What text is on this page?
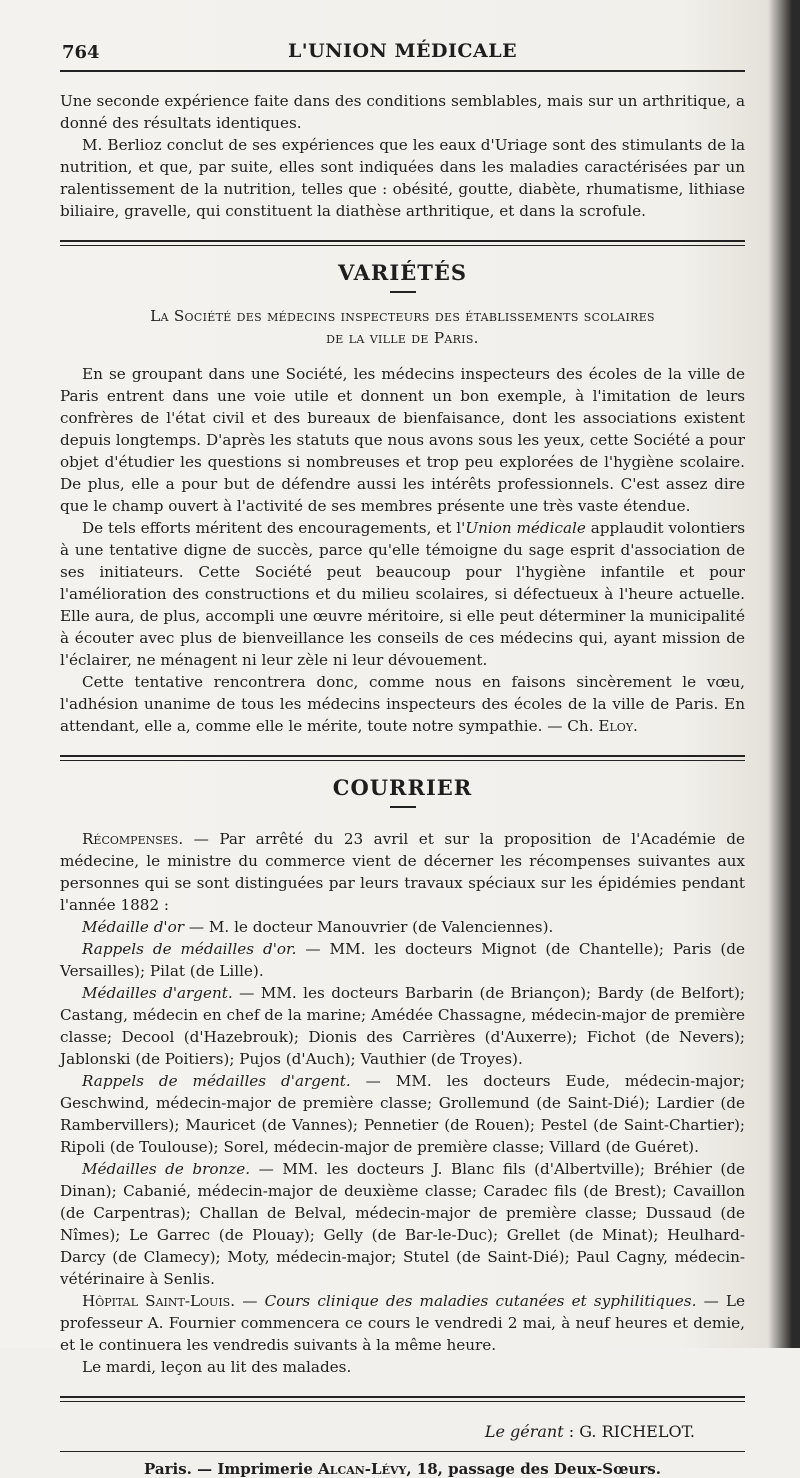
764	L'UNION MÉDICALE

Une seconde expérience faite dans des conditions semblables, mais sur un arthritique, a donné des résultats identiques.

M. Berlioz conclut de ses expériences que les eaux d'Uriage sont des stimulants de la nutrition, et que, par suite, elles sont indiquées dans les maladies caractérisées par un ralentissement de la nutrition, telles que : obésité, goutte, diabète, rhumatisme, lithiase biliaire, gravelle, qui constituent la diathèse arthritique, et dans la scrofule.

VARIÉTÉS
La Société des médecins inspecteurs des établissements scolaires
de la ville de Paris.

En se groupant dans une Société, les médecins inspecteurs des écoles de la ville de Paris entrent dans une voie utile et donnent un bon exemple, à l'imitation de leurs confrères de l'état civil et des bureaux de bienfaisance, dont les associations existent depuis longtemps. D'après les statuts que nous avons sous les yeux, cette Société a pour objet d'étudier les questions si nombreuses et trop peu explorées de l'hygiène scolaire. De plus, elle a pour but de défendre aussi les intérêts professionnels. C'est assez dire que le champ ouvert à l'activité de ses membres présente une très vaste étendue.

De tels efforts méritent des encouragements, et l'Union médicale applaudit volontiers à une tentative digne de succès, parce qu'elle témoigne du sage esprit d'association de ses initiateurs. Cette Société peut beaucoup pour l'hygiène infantile et pour l'amélioration des constructions et du milieu scolaires, si défectueux à l'heure actuelle. Elle aura, de plus, accompli une œuvre méritoire, si elle peut déterminer la municipalité à écouter avec plus de bienveillance les conseils de ces médecins qui, ayant mission de l'éclairer, ne ménagent ni leur zèle ni leur dévouement.

Cette tentative rencontrera donc, comme nous en faisons sincèrement le vœu, l'adhésion unanime de tous les médecins inspecteurs des écoles de la ville de Paris. En attendant, elle a, comme elle le mérite, toute notre sympathie. — Ch. Eloy.

COURRIER

Récompenses. — Par arrêté du 23 avril et sur la proposition de l'Académie de médecine, le ministre du commerce vient de décerner les récompenses suivantes aux personnes qui se sont distinguées par leurs travaux spéciaux sur les épidémies pendant l'année 1882 :

Médaille d'or — M. le docteur Manouvrier (de Valenciennes).

Rappels de médailles d'or. — MM. les docteurs Mignot (de Chantelle); Paris (de Versailles); Pilat (de Lille).

Médailles d'argent. — MM. les docteurs Barbarin (de Briançon); Bardy (de Belfort); Castang, médecin en chef de la marine; Amédée Chassagne, médecin-major de première classe; Decool (d'Hazebrouk); Dionis des Carrières (d'Auxerre); Fichot (de Nevers); Jablonski (de Poitiers); Pujos (d'Auch); Vauthier (de Troyes).

Rappels de médailles d'argent. — MM. les docteurs Eude, médecin-major; Geschwind, médecin-major de première classe; Grollemund (de Saint-Dié); Lardier (de Rambervillers); Mauricet (de Vannes); Pennetier (de Rouen); Pestel (de Saint-Chartier); Ripoli (de Toulouse); Sorel, médecin-major de première classe; Villard (de Guéret).

Médailles de bronze. — MM. les docteurs J. Blanc fils (d'Albertville); Bréhier (de Dinan); Cabanié, médecin-major de deuxième classe; Caradec fils (de Brest); Cavaillon (de Carpentras); Challan de Belval, médecin-major de première classe; Dussaud (de Nîmes); Le Garrec (de Plouay); Gelly (de Bar-le-Duc); Grellet (de Minat); Heulhard-Darcy (de Clamecy); Moty, médecin-major; Stutel (de Saint-Dié); Paul Cagny, médecin-vétérinaire à Senlis.

Hôpital Saint-Louis. — Cours clinique des maladies cutanées et syphilitiques. — Le professeur A. Fournier commencera ce cours le vendredi 2 mai, à neuf heures et demie, et le continuera les vendredis suivants à la même heure.

Le mardi, leçon au lit des malades.

Le gérant : G. RICHELOT.
Paris. — Imprimerie Alcan-Lévy, 18, passage des Deux-Sœurs.
